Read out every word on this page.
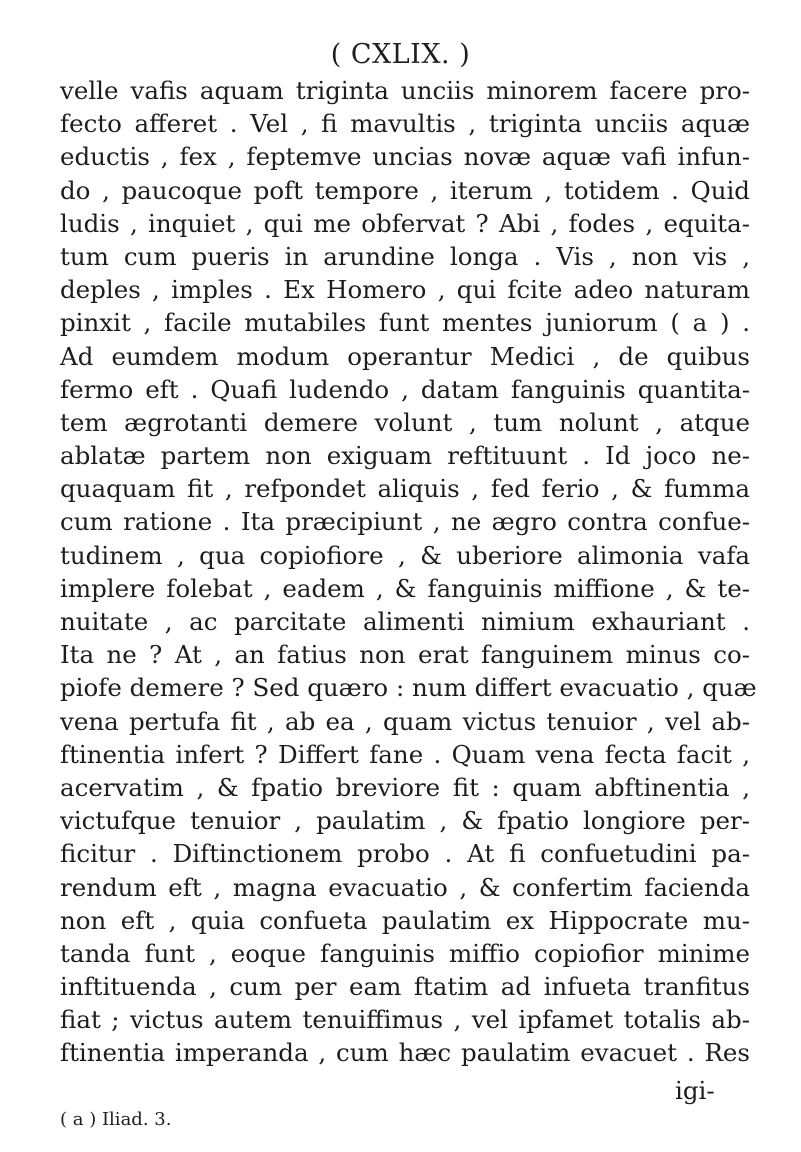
( CXLIX. )
velle vafis aquam triginta unciis minorem facere pro-
fecto afferet . Vel , fi mavultis , triginta unciis aquæ
eductis , fex , feptemve uncias novæ aquæ vafi infun-
do , paucoque poft tempore , iterum , totidem . Quid
ludis , inquiet , qui me obfervat ? Abi , fodes , equita-
tum cum pueris in arundine longa . Vis , non vis ,
deples , imples . Ex Homero , qui fcite adeo naturam
pinxit , facile mutabiles funt mentes juniorum ( a ) .
Ad eumdem modum operantur Medici , de quibus
fermo eft . Quafi ludendo , datam fanguinis quantita-
tem ægrotanti demere volunt , tum nolunt , atque
ablatæ partem non exiguam reftituunt . Id joco ne-
quaquam fit , refpondet aliquis , fed ferio , & fumma
cum ratione . Ita præcipiunt , ne ægro contra confue-
tudinem , qua copiofiore , & uberiore alimonia vafa
implere folebat , eadem , & fanguinis miffione , & te-
nuitate , ac parcitate alimenti nimium exhauriant .
Ita ne ? At , an fatius non erat fanguinem minus co-
piofe demere ? Sed quæro : num differt evacuatio , quæ
vena pertufa fit , ab ea , quam victus tenuior , vel ab-
ftinentia infert ? Differt fane . Quam vena fecta facit ,
acervatim , & fpatio breviore fit : quam abftinentia ,
victufque tenuior , paulatim , & fpatio longiore per-
ficitur . Diftinctionem probo . At fi confuetudini pa-
rendum eft , magna evacuatio , & confertim facienda
non eft , quia confueta paulatim ex Hippocrate mu-
tanda funt , eoque fanguinis miffio copiofior minime
inftituenda , cum per eam ftatim ad infueta tranfitus
fiat ; victus autem tenuiffimus , vel ipfamet totalis ab-
ftinentia imperanda , cum hæc paulatim evacuet . Res
igi-
( a ) Iliad. 3.
